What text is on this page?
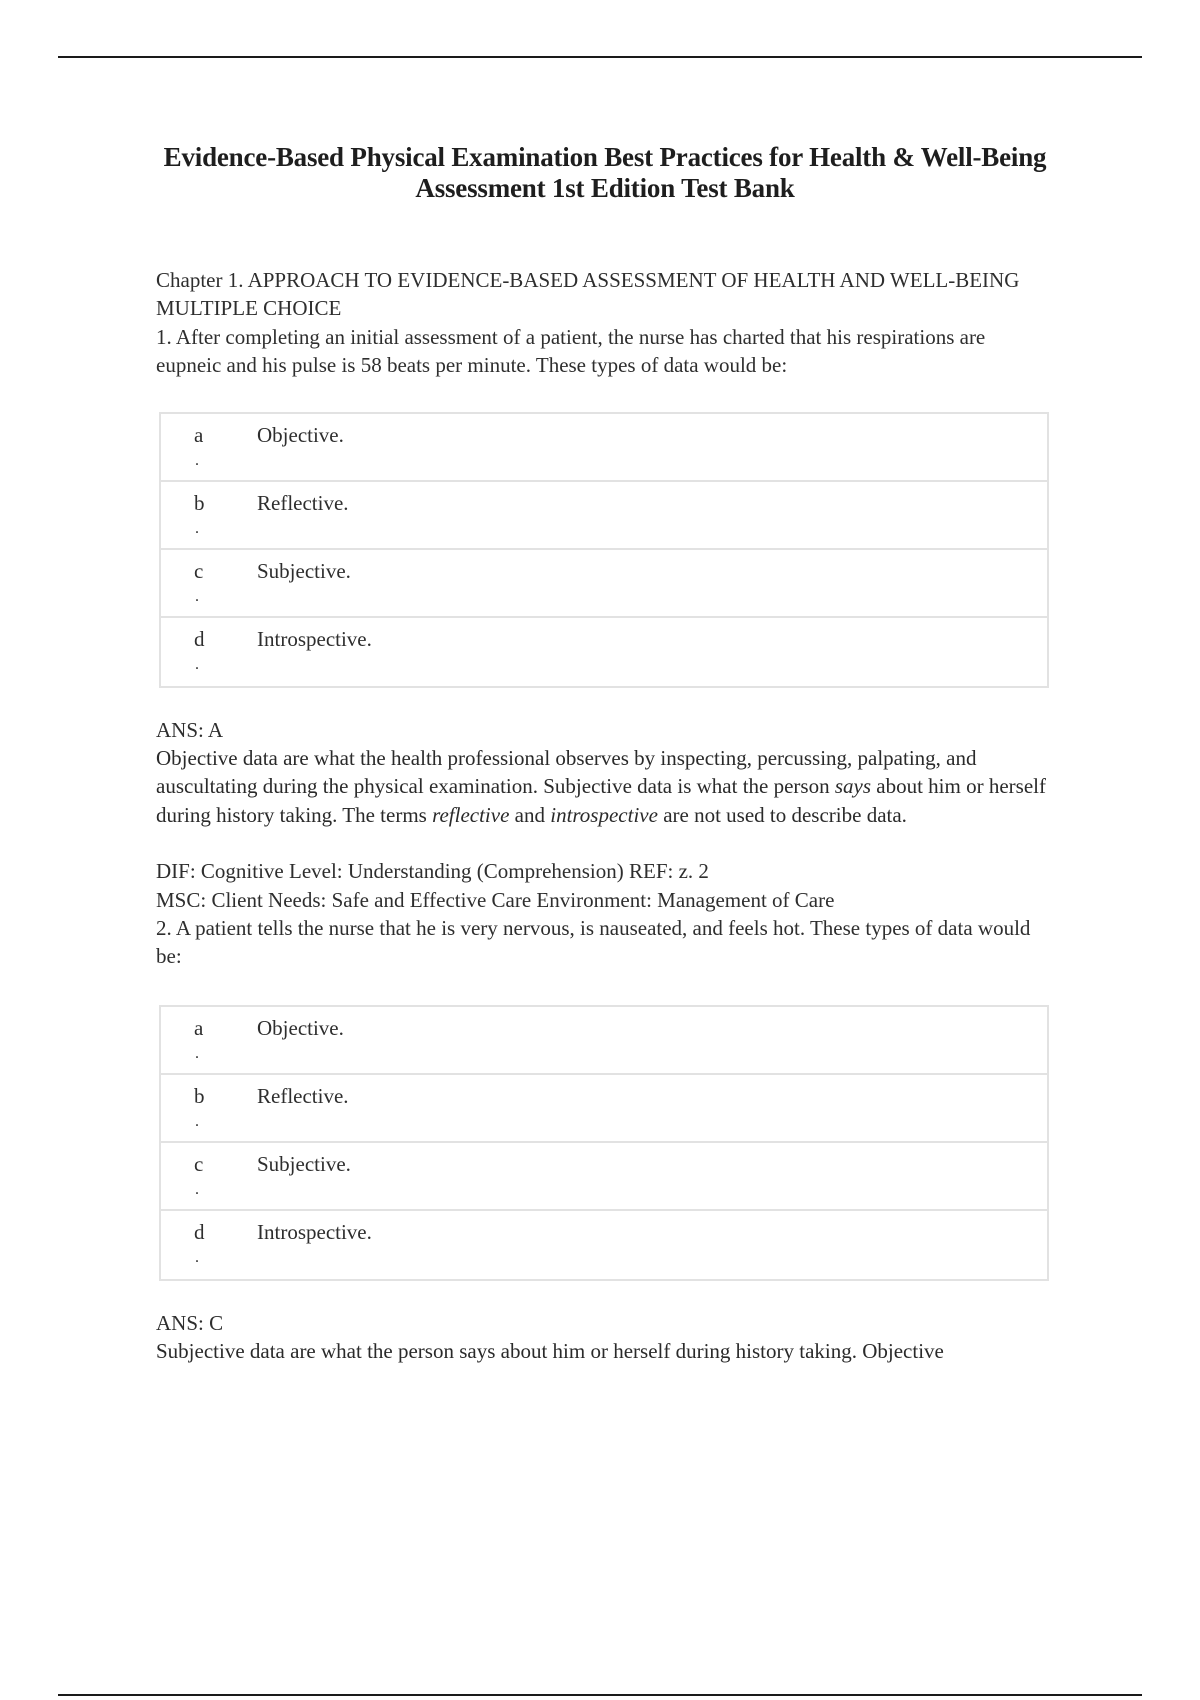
Evidence-Based Physical Examination Best Practices for Health & Well-Being Assessment 1st Edition Test Bank

Chapter 1. APPROACH TO EVIDENCE-BASED ASSESSMENT OF HEALTH AND WELL-BEING

MULTIPLE CHOICE

1. After completing an initial assessment of a patient, the nurse has charted that his respirations are eupneic and his pulse is 58 beats per minute. These types of data would be:

a
.
Objective.
b
.
Reflective.
c
.
Subjective.
d
.
Introspective.

ANS: A

Objective data are what the health professional observes by inspecting, percussing, palpating, and auscultating during the physical examination. Subjective data is what the person says about him or herself during history taking. The terms reflective and introspective are not used to describe data.

DIF: Cognitive Level: Understanding (Comprehension) REF: z. 2

MSC: Client Needs: Safe and Effective Care Environment: Management of Care

2. A patient tells the nurse that he is very nervous, is nauseated, and feels hot. These types of data would be:

a
.
Objective.
b
.
Reflective.
c
.
Subjective.
d
.
Introspective.

ANS: C

Subjective data are what the person says about him or herself during history taking. Objective
